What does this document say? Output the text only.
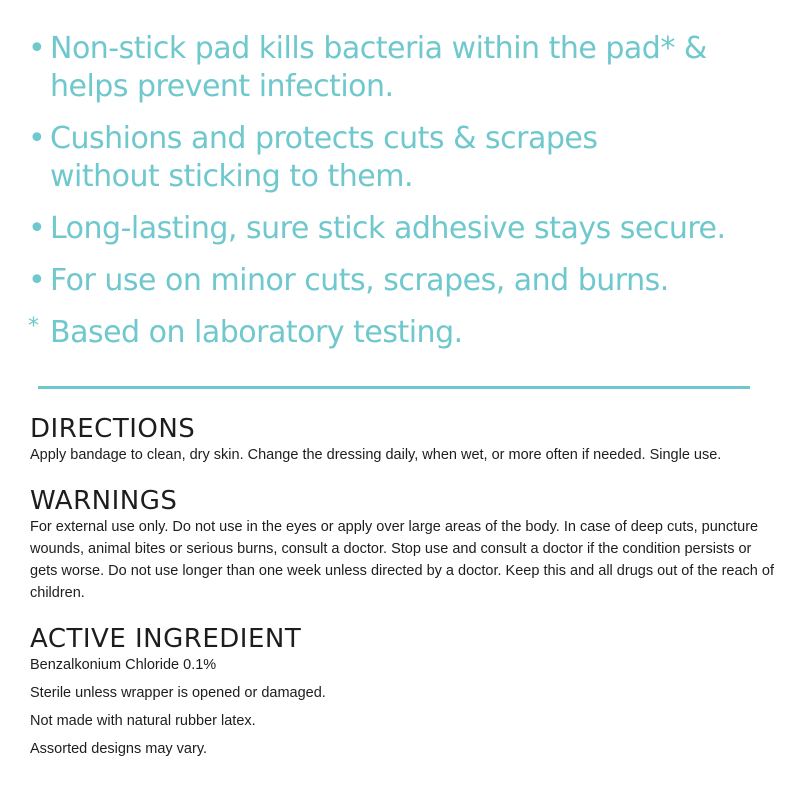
• Non-stick pad kills bacteria within the pad* & helps prevent infection.
• Cushions and protects cuts & scrapes without sticking to them.
• Long-lasting, sure stick adhesive stays secure.
• For use on minor cuts, scrapes, and burns.
* Based on laboratory testing.
DIRECTIONS

Apply bandage to clean, dry skin. Change the dressing daily, when wet, or more often if needed. Single use.

WARNINGS

For external use only. Do not use in the eyes or apply over large areas of the body. In case of deep cuts, puncture wounds, animal bites or serious burns, consult a doctor. Stop use and consult a doctor if the condition persists or gets worse. Do not use longer than one week unless directed by a doctor. Keep this and all drugs out of the reach of children.

ACTIVE INGREDIENT

Benzalkonium Chloride 0.1%

Sterile unless wrapper is opened or damaged.

Not made with natural rubber latex.

Assorted designs may vary.
